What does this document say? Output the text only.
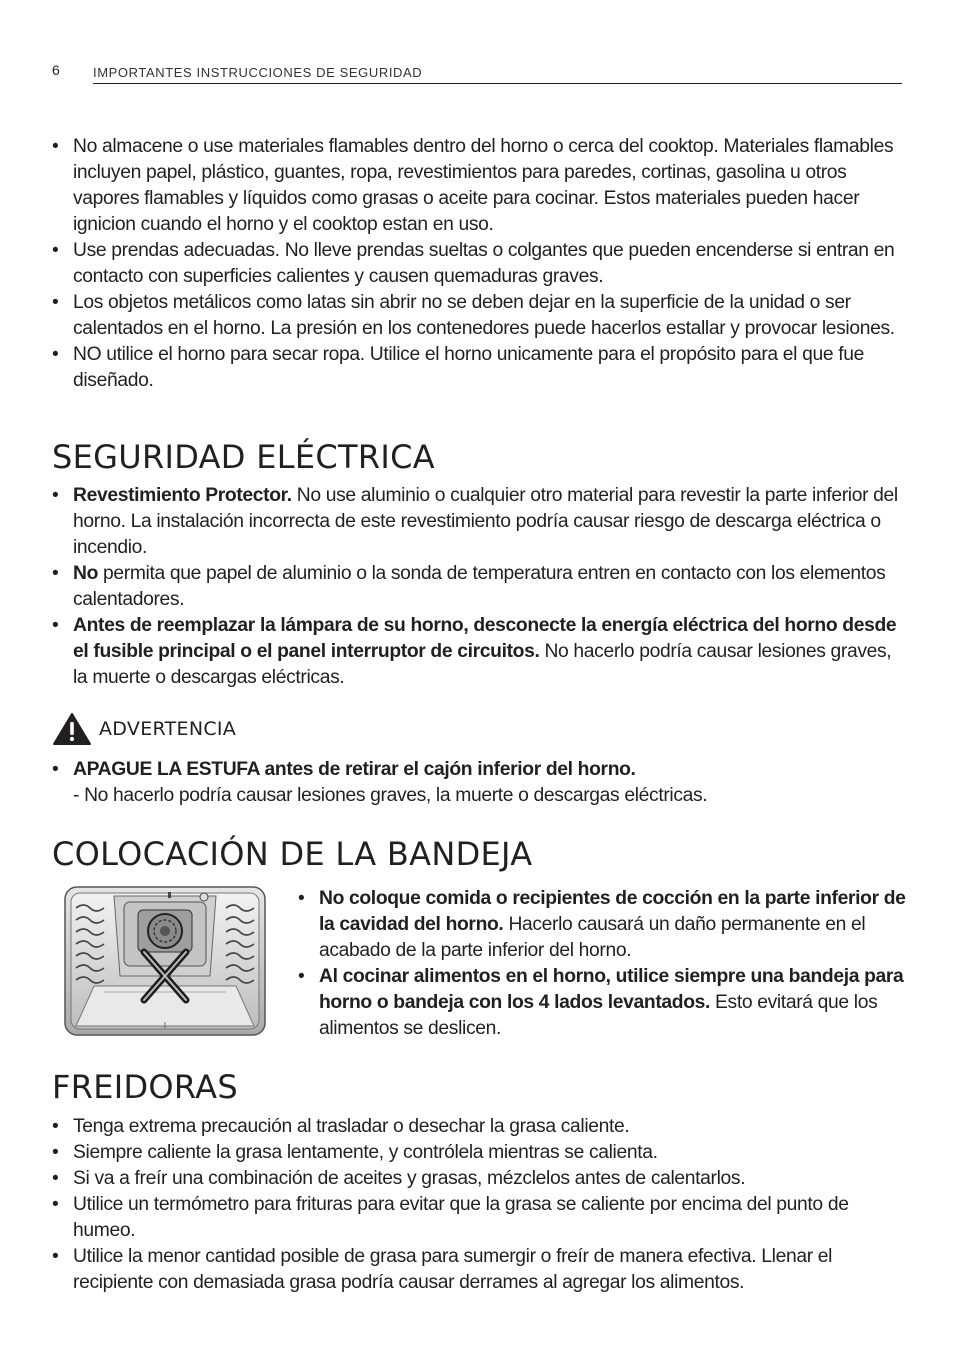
6	IMPORTANTES INSTRUCCIONES DE SEGURIDAD
• No almacene o use materiales flamables dentro del horno o cerca del cooktop. Materiales flamables incluyen papel, plástico, guantes, ropa, revestimientos para paredes, cortinas, gasolina u otros vapores flamables y líquidos como grasas o aceite para cocinar. Estos materiales pueden hacer ignicion cuando el horno y el cooktop estan en uso.
• Use prendas adecuadas. No lleve prendas sueltas o colgantes que pueden encenderse si entran en contacto con superficies calientes y causen quemaduras graves.
• Los objetos metálicos como latas sin abrir no se deben dejar en la superficie de la unidad o ser calentados en el horno. La presión en los contenedores puede hacerlos estallar y provocar lesiones.
• NO utilice el horno para secar ropa. Utilice el horno unicamente para el propósito para el que fue diseñado.
SEGURIDAD ELÉCTRICA
• Revestimiento Protector. No use aluminio o cualquier otro material para revestir la parte inferior del horno. La instalación incorrecta de este revestimiento podría causar riesgo de descarga eléctrica o incendio.
• No permita que papel de aluminio o la sonda de temperatura entren en contacto con los elementos calentadores.
• Antes de reemplazar la lámpara de su horno, desconecte la energía eléctrica del horno desde el fusible principal o el panel interruptor de circuitos. No hacerlo podría causar lesiones graves, la muerte o descargas eléctricas.
ADVERTENCIA
• APAGUE LA ESTUFA antes de retirar el cajón inferior del horno.
- No hacerlo podría causar lesiones graves, la muerte o descargas eléctricas.
COLOCACIÓN DE LA BANDEJA
• No coloque comida o recipientes de cocción en la parte inferior de la cavidad del horno. Hacerlo causará un daño permanente en el acabado de la parte inferior del horno.
• Al cocinar alimentos en el horno, utilice siempre una bandeja para horno o bandeja con los 4 lados levantados. Esto evitará que los alimentos se deslicen.
FREIDORAS
• Tenga extrema precaución al trasladar o desechar la grasa caliente.
• Siempre caliente la grasa lentamente, y contrólela mientras se calienta.
• Si va a freír una combinación de aceites y grasas, mézclelos antes de calentarlos.
• Utilice un termómetro para frituras para evitar que la grasa se caliente por encima del punto de humeo.
• Utilice la menor cantidad posible de grasa para sumergir o freír de manera efectiva. Llenar el recipiente con demasiada grasa podría causar derrames al agregar los alimentos.
